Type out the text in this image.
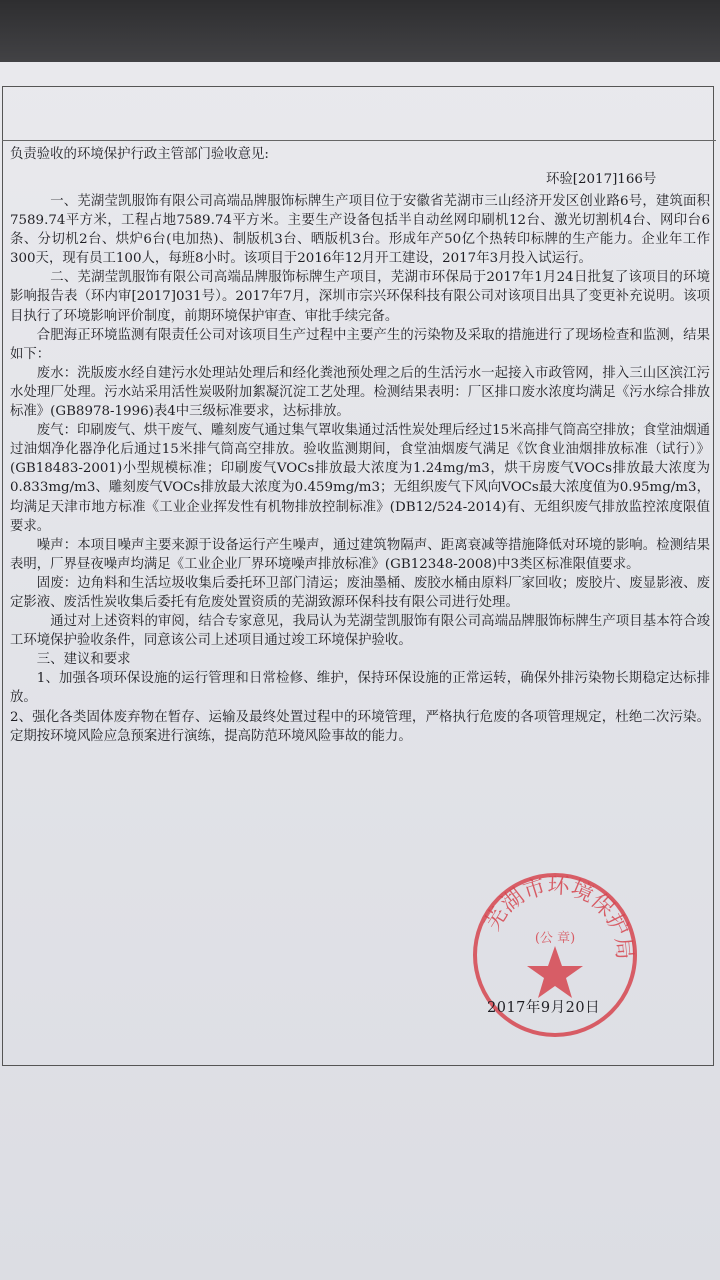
负责验收的环境保护行政主管部门验收意见:
环验[2017]166号

一、芜湖莹凯服饰有限公司高端品牌服饰标牌生产项目位于安徽省芜湖市三山经济开发区创业路6号，建筑面积7589.74平方米，工程占地7589.74平方米。主要生产设备包括半自动丝网印刷机12台、激光切割机4台、网印台6条、分切机2台、烘炉6台(电加热)、制版机3台、晒版机3台。形成年产50亿个热转印标牌的生产能力。企业年工作300天，现有员工100人，每班8小时。该项目于2016年12月开工建设，2017年3月投入试运行。

二、芜湖莹凯服饰有限公司高端品牌服饰标牌生产项目，芜湖市环保局于2017年1月24日批复了该项目的环境影响报告表（环内审[2017]031号）。2017年7月，深圳市宗兴环保科技有限公司对该项目出具了变更补充说明。该项目执行了环境影响评价制度，前期环境保护审查、审批手续完备。

合肥海正环境监测有限责任公司对该项目生产过程中主要产生的污染物及采取的措施进行了现场检查和监测，结果如下：

废水：洗版废水经自建污水处理站处理后和经化粪池预处理之后的生活污水一起接入市政管网，排入三山区滨江污水处理厂处理。污水站采用活性炭吸附加絮凝沉淀工艺处理。检测结果表明：厂区排口废水浓度均满足《污水综合排放标准》(GB8978-1996)表4中三级标准要求，达标排放。

废气：印刷废气、烘干废气、雕刻废气通过集气罩收集通过活性炭处理后经过15米高排气筒高空排放；食堂油烟通过油烟净化器净化后通过15米排气筒高空排放。验收监测期间，食堂油烟废气满足《饮食业油烟排放标准（试行）》(GB18483-2001)小型规模标准；印刷废气VOCs排放最大浓度为1.24mg/m3，烘干房废气VOCs排放最大浓度为0.833mg/m3、雕刻废气VOCs排放最大浓度为0.459mg/m3；无组织废气下风向VOCs最大浓度值为0.95mg/m3，均满足天津市地方标准《工业企业挥发性有机物排放控制标准》(DB12/524-2014)有、无组织废气排放监控浓度限值要求。

噪声：本项目噪声主要来源于设备运行产生噪声，通过建筑物隔声、距离衰减等措施降低对环境的影响。检测结果表明，厂界昼夜噪声均满足《工业企业厂界环境噪声排放标准》(GB12348-2008)中3类区标准限值要求。

固废：边角料和生活垃圾收集后委托环卫部门清运；废油墨桶、废胶水桶由原料厂家回收；废胶片、废显影液、废定影液、废活性炭收集后委托有危废处置资质的芜湖致源环保科技有限公司进行处理。

通过对上述资料的审阅，结合专家意见，我局认为芜湖莹凯服饰有限公司高端品牌服饰标牌生产项目基本符合竣工环境保护验收条件，同意该公司上述项目通过竣工环境保护验收。

三、建议和要求

1、加强各项环保设施的运行管理和日常检修、维护，保持环保设施的正常运转，确保外排污染物长期稳定达标排放。

2、强化各类固体废弃物在暂存、运输及最终处置过程中的环境管理，严格执行危废的各项管理规定，杜绝二次污染。定期按环境风险应急预案进行演练，提高防范环境风险事故的能力。

芜湖市环境保护局
(公 章)
2017年9月20日
